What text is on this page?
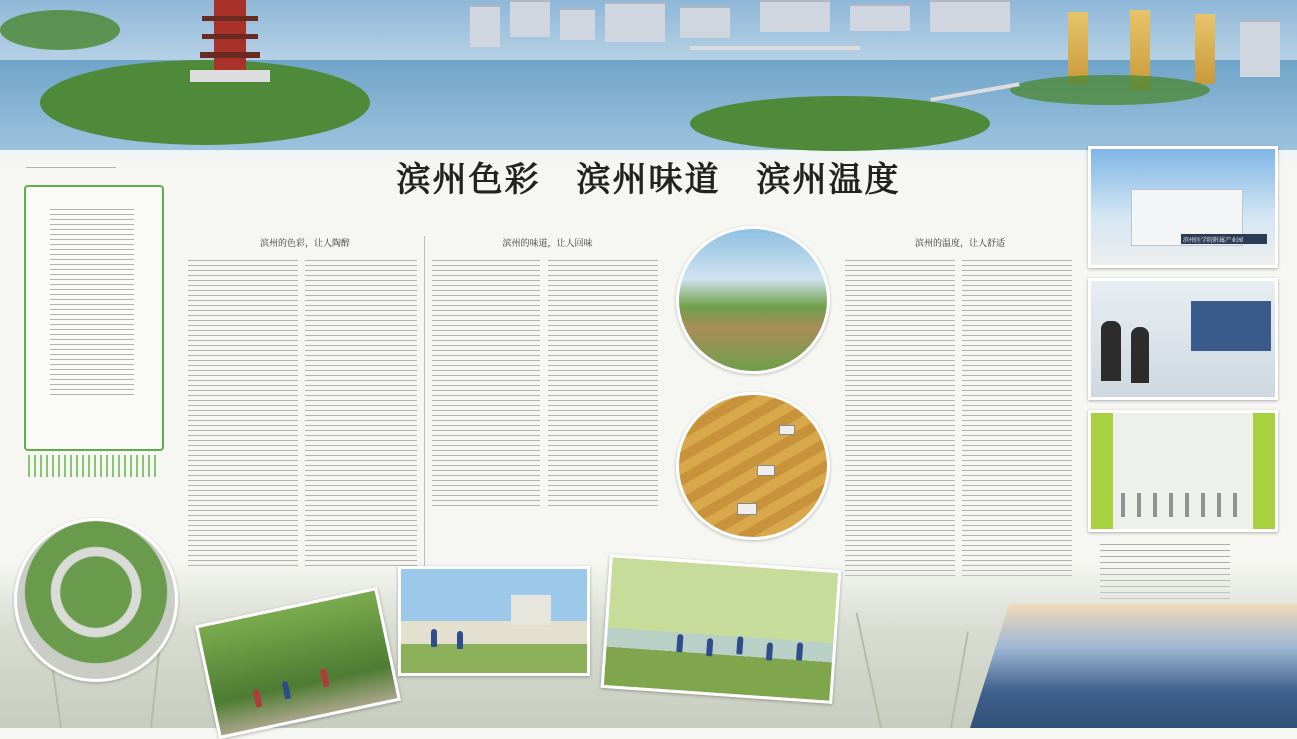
滨州色彩　滨州味道　滨州温度
滨州的色彩，让人陶醉	滨州的味道，让人回味	滨州的温度，让人舒适	滨州医学院附属产业园
